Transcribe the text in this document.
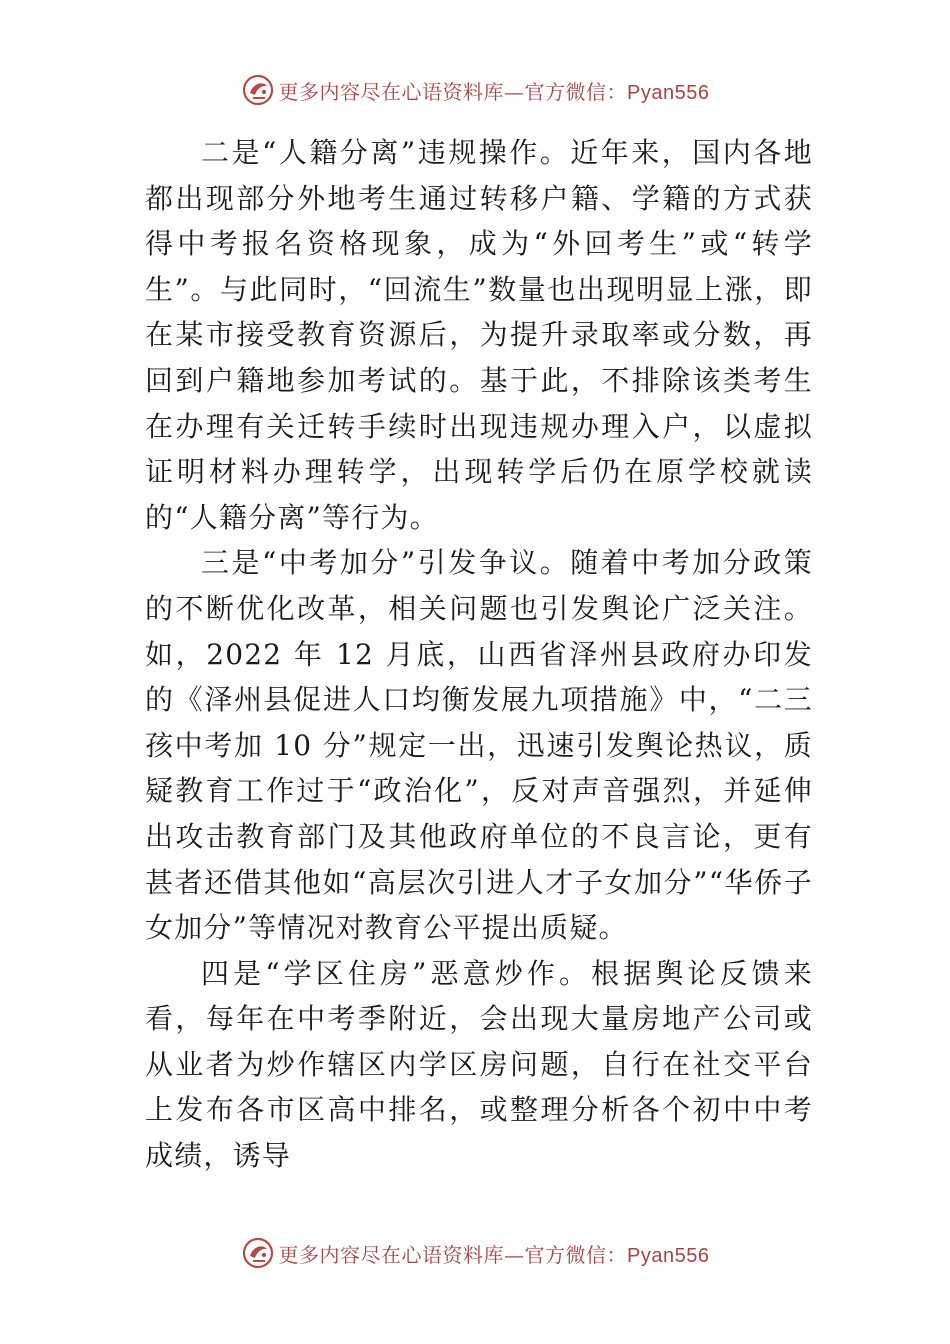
更多内容尽在心语资料库—官方微信：Pyan556

二是“人籍分离”违规操作。近年来，国内各地都出现部分外地考生通过转移户籍、学籍的方式获得中考报名资格现象，成为“外回考生”或“转学生”。与此同时，“回流生”数量也出现明显上涨，即在某市接受教育资源后，为提升录取率或分数，再回到户籍地参加考试的。基于此，不排除该类考生在办理有关迁转手续时出现违规办理入户，以虚拟证明材料办理转学，出现转学后仍在原学校就读的“人籍分离”等行为。

三是“中考加分”引发争议。随着中考加分政策的不断优化改革，相关问题也引发舆论广泛关注。如，2022 年 12 月底，山西省泽州县政府办印发的《泽州县促进人口均衡发展九项措施》中，“二三孩中考加 10 分”规定一出，迅速引发舆论热议，质疑教育工作过于“政治化”，反对声音强烈，并延伸出攻击教育部门及其他政府单位的不良言论，更有甚者还借其他如“高层次引进人才子女加分”“华侨子女加分”等情况对教育公平提出质疑。

四是“学区住房”恶意炒作。根据舆论反馈来看，每年在中考季附近，会出现大量房地产公司或从业者为炒作辖区内学区房问题，自行在社交平台上发布各市区高中排名，或整理分析各个初中中考成绩，诱导

更多内容尽在心语资料库—官方微信：Pyan556
